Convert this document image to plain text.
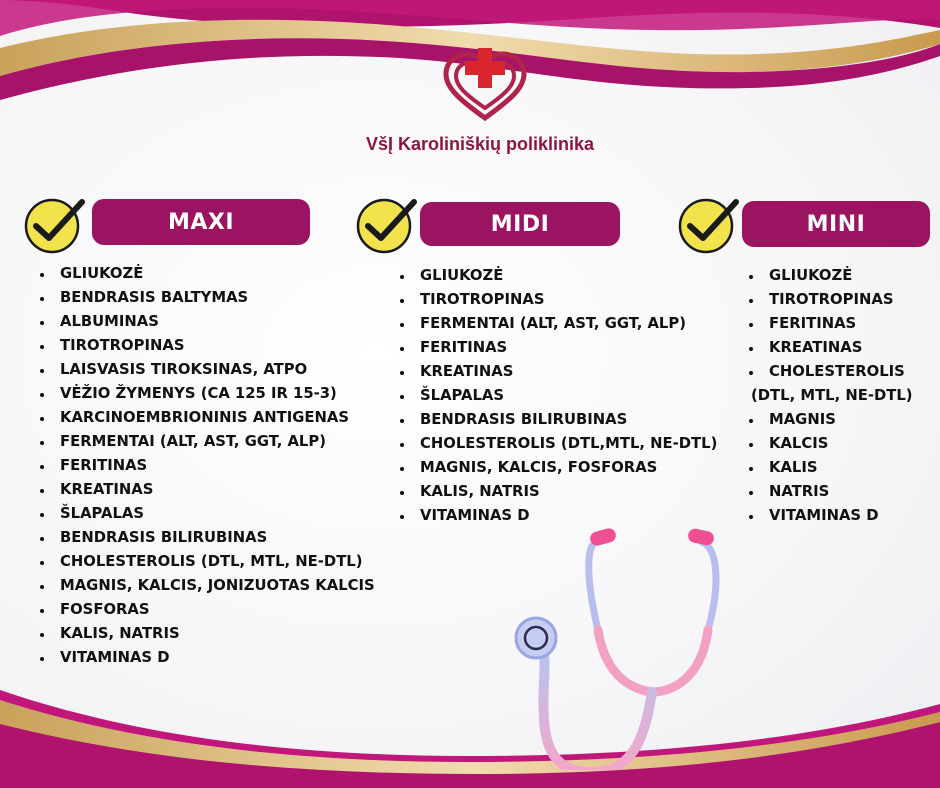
VšĮ Karoliniškių poliklinika
MAXI
• GLIUKOZĖ
• BENDRASIS BALTYMAS
• ALBUMINAS
• TIROTROPINAS
• LAISVASIS TIROKSINAS, ATPO
• VĖŽIO ŽYMENYS (CA 125 IR 15-3)
• KARCINOEMBRIONINIS ANTIGENAS
• FERMENTAI (ALT, AST, GGT, ALP)
• FERITINAS
• KREATINAS
• ŠLAPALAS
• BENDRASIS BILIRUBINAS
• CHOLESTEROLIS (DTL, MTL, NE-DTL)
• MAGNIS, KALCIS, JONIZUOTAS KALCIS
• FOSFORAS
• KALIS, NATRIS
• VITAMINAS D
MIDI
• GLIUKOZĖ
• TIROTROPINAS
• FERMENTAI (ALT, AST, GGT, ALP)
• FERITINAS
• KREATINAS
• ŠLAPALAS
• BENDRASIS BILIRUBINAS
• CHOLESTEROLIS (DTL,MTL, NE-DTL)
• MAGNIS, KALCIS, FOSFORAS
• KALIS, NATRIS
• VITAMINAS D
MINI
• GLIUKOZĖ
• TIROTROPINAS
• FERITINAS
• KREATINAS
• CHOLESTEROLIS
(DTL, MTL, NE-DTL)
• MAGNIS
• KALCIS
• KALIS
• NATRIS
• VITAMINAS D
